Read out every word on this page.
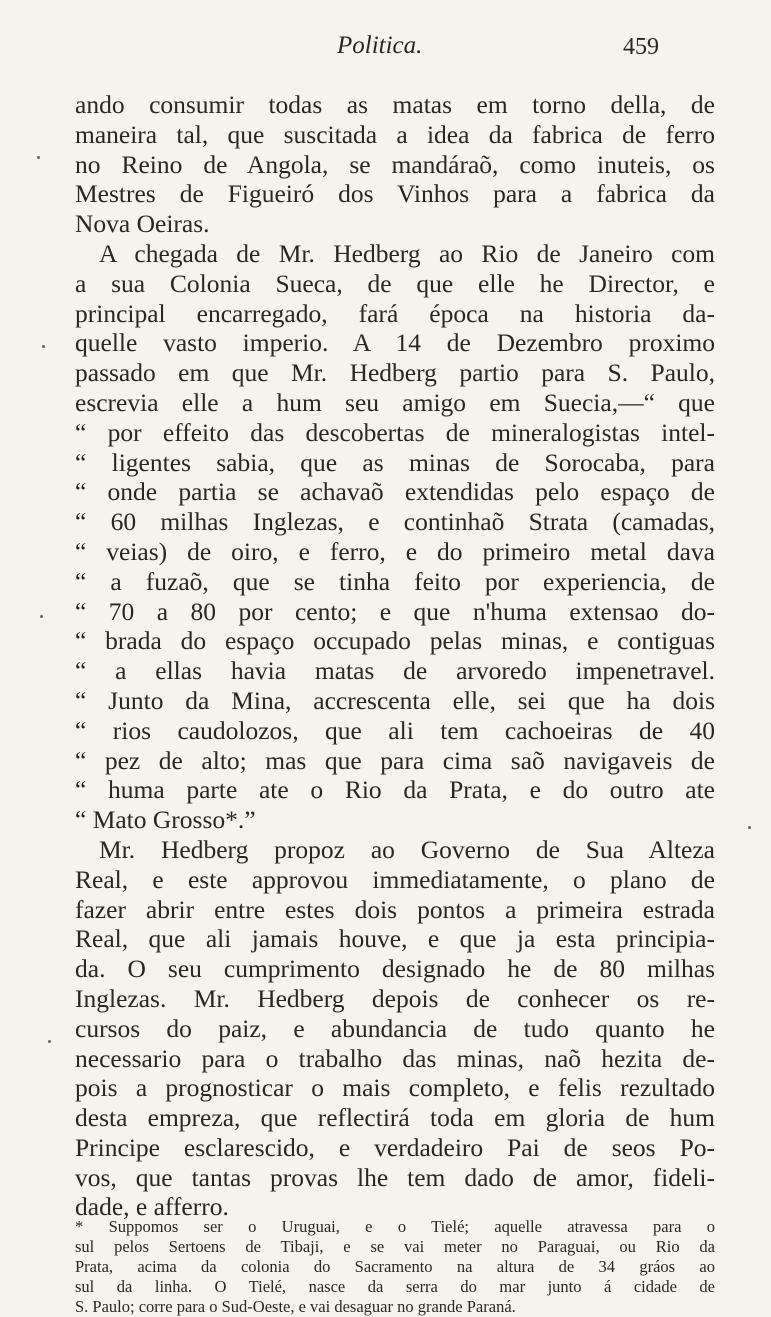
Politica.	459
ando consumir todas as matas em torno della, de
maneira tal, que suscitada a idea da fabrica de ferro
no Reino de Angola, se mandáraõ, como inuteis, os
Mestres de Figueiró dos Vinhos para a fabrica da
Nova Oeiras.
A chegada de Mr. Hedberg ao Rio de Janeiro com
a sua Colonia Sueca, de que elle he Director, e
principal encarregado, fará época na historia da-
quelle vasto imperio. A 14 de Dezembro proximo
passado em que Mr. Hedberg partio para S. Paulo,
escrevia elle a hum seu amigo em Suecia,—“ que
“ por effeito das descobertas de mineralogistas intel-
“ ligentes sabia, que as minas de Sorocaba, para
“ onde partia se achavaõ extendidas pelo espaço de
“ 60 milhas Inglezas, e continhaõ Strata (camadas,
“ veias) de oiro, e ferro, e do primeiro metal dava
“ a fuzaõ, que se tinha feito por experiencia, de
“ 70 a 80 por cento; e que n'huma extensao do-
“ brada do espaço occupado pelas minas, e contiguas
“ a ellas havia matas de arvoredo impenetravel.
“ Junto da Mina, accrescenta elle, sei que ha dois
“ rios caudolozos, que ali tem cachoeiras de 40
“ pez de alto; mas que para cima saõ navigaveis de
“ huma parte ate o Rio da Prata, e do outro ate
“ Mato Grosso*.”
Mr. Hedberg propoz ao Governo de Sua Alteza
Real, e este approvou immediatamente, o plano de
fazer abrir entre estes dois pontos a primeira estrada
Real, que ali jamais houve, e que ja esta principia-
da. O seu cumprimento designado he de 80 milhas
Inglezas. Mr. Hedberg depois de conhecer os re-
cursos do paiz, e abundancia de tudo quanto he
necessario para o trabalho das minas, naõ hezita de-
pois a prognosticar o mais completo, e felis rezultado
desta empreza, que reflectirá toda em gloria de hum
Principe esclarescido, e verdadeiro Pai de seos Po-
vos, que tantas provas lhe tem dado de amor, fideli-
dade, e afferro.
* Suppomos ser o Uruguai, e o Tielé; aquelle atravessa para o
sul pelos Sertoens de Tibaji, e se vai meter no Paraguai, ou Rio da
Prata, acima da colonia do Sacramento na altura de 34 gráos ao
sul da linha. O Tielé, nasce da serra do mar junto á cidade de
S. Paulo; corre para o Sud-Oeste, e vai desaguar no grande Paraná.
